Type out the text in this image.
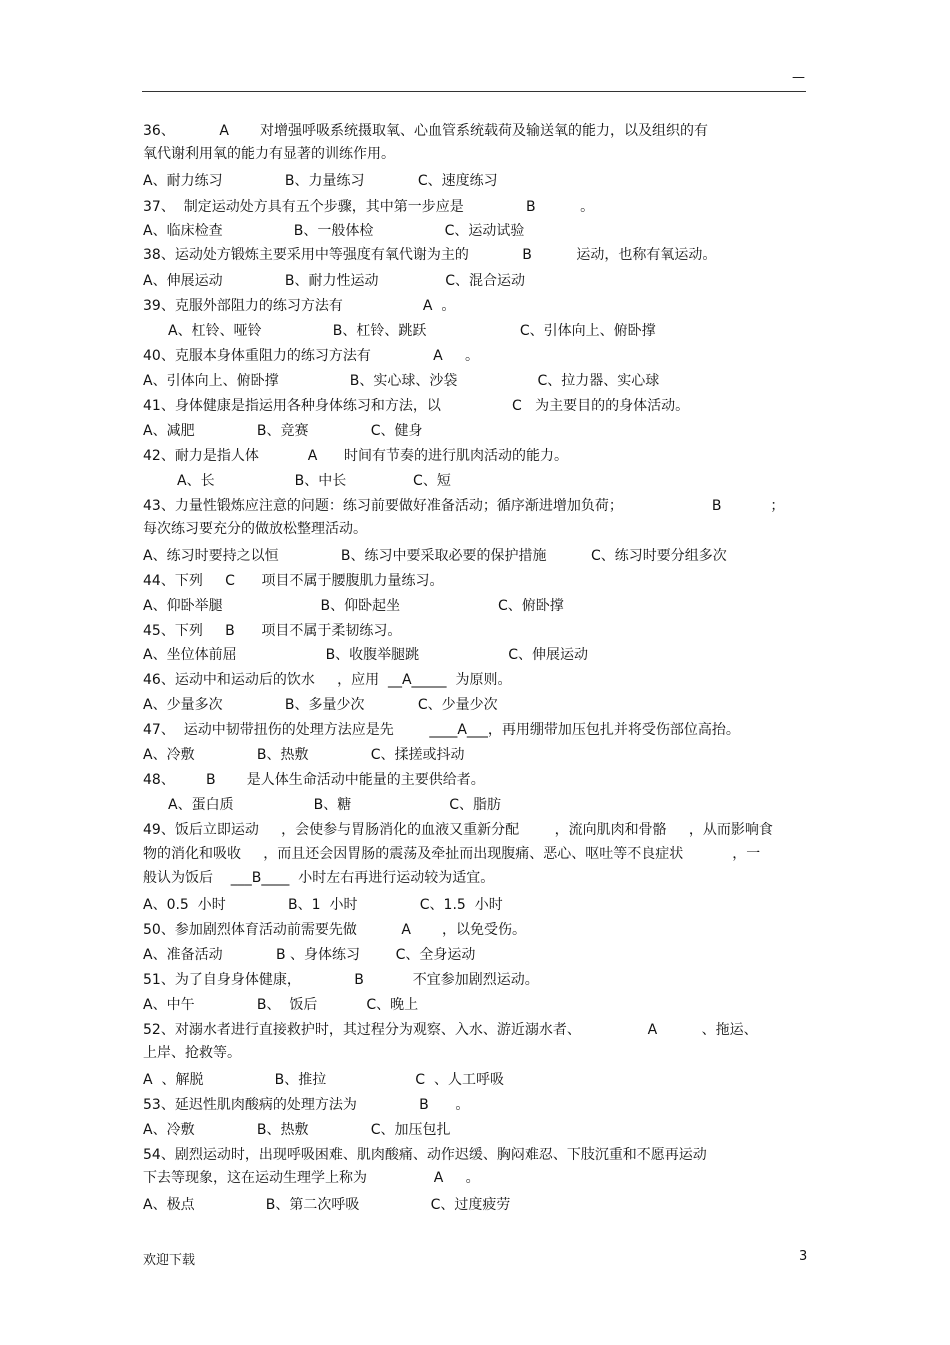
—
36、          A       对增强呼吸系统摄取氧、心血管系统载荷及输送氧的能力，以及组织的有
氧代谢利用氧的能力有显著的训练作用。
A、耐力练习              B、力量练习            C、速度练习
37、  制定运动处方具有五个步骤，其中第一步应是              B          。
A、临床检查                B、一般体检                C、运动试验
38、运动处方锻炼主要采用中等强度有氧代谢为主的            B          运动，也称有氧运动。
A、伸展运动              B、耐力性运动               C、混合运动
39、克服外部阻力的练习方法有                  A  。
A、杠铃、哑铃                B、杠铃、跳跃                     C、引体向上、俯卧撑
40、克服本身体重阻力的练习方法有              A     。
A、引体向上、俯卧撑                B、实心球、沙袋                  C、拉力器、实心球
41、身体健康是指运用各种身体练习和方法，以                C   为主要目的的身体活动。
A、减肥              B、竞赛              C、健身
42、耐力是指人体           A      时间有节奏的进行肌肉活动的能力。
A、长                  B、中长               C、短
43、力量性锻炼应注意的问题：练习前要做好准备活动；循序渐进增加负荷；                    B           ；
每次练习要充分的做放松整理活动。
A、练习时要持之以恒              B、练习中要采取必要的保护措施          C、练习时要分组多次
44、下列     C      项目不属于腰腹肌力量练习。
A、仰卧举腿                      B、仰卧起坐                      C、俯卧撑
45、下列     B      项目不属于柔韧练习。
A、坐位体前屈                    B、收腹举腿跳                    C、伸展运动
46、运动中和运动后的饮水     ，应用  __A_____  为原则。
A、少量多次              B、多量少次            C、少量少次
47、  运动中韧带扭伤的处理方法应是先        ____A___，再用绷带加压包扎并将受伤部位高抬。
A、冷敷              B、热敷              C、揉搓或抖动
48、       B       是人体生命活动中能量的主要供给者。
A、蛋白质                  B、糖                      C、脂肪
49、饭后立即运动     ，会使参与胃肠消化的血液又重新分配        ，流向肌肉和骨骼     ，从而影响食
物的消化和吸收     ，而且还会因胃肠的震荡及牵扯而出现腹痛、恶心、呕吐等不良症状           ，一
般认为饭后    ___B____  小时左右再进行运动较为适宜。
A、0.5  小时              B、1  小时              C、1.5  小时
50、参加剧烈体育活动前需要先做          A       ，以免受伤。
A、准备活动            B 、身体练习        C、全身运动
51、为了自身身体健康，            B           不宜参加剧烈运动。
A、中午              B、  饭后           C、晚上
52、对溺水者进行直接救护时，其过程分为观察、入水、游近溺水者、               A          、拖运、
上岸、抢救等。
A  、解脱                B、推拉                    C  、人工呼吸
53、延迟性肌肉酸病的处理方法为              B      。
A、冷敷              B、热敷              C、加压包扎
54、剧烈运动时，出现呼吸困难、肌肉酸痛、动作迟缓、胸闷难忍、下肢沉重和不愿再运动
下去等现象，这在运动生理学上称为               A     。
A、极点                B、第二次呼吸                C、过度疲劳
欢迎下载	3
